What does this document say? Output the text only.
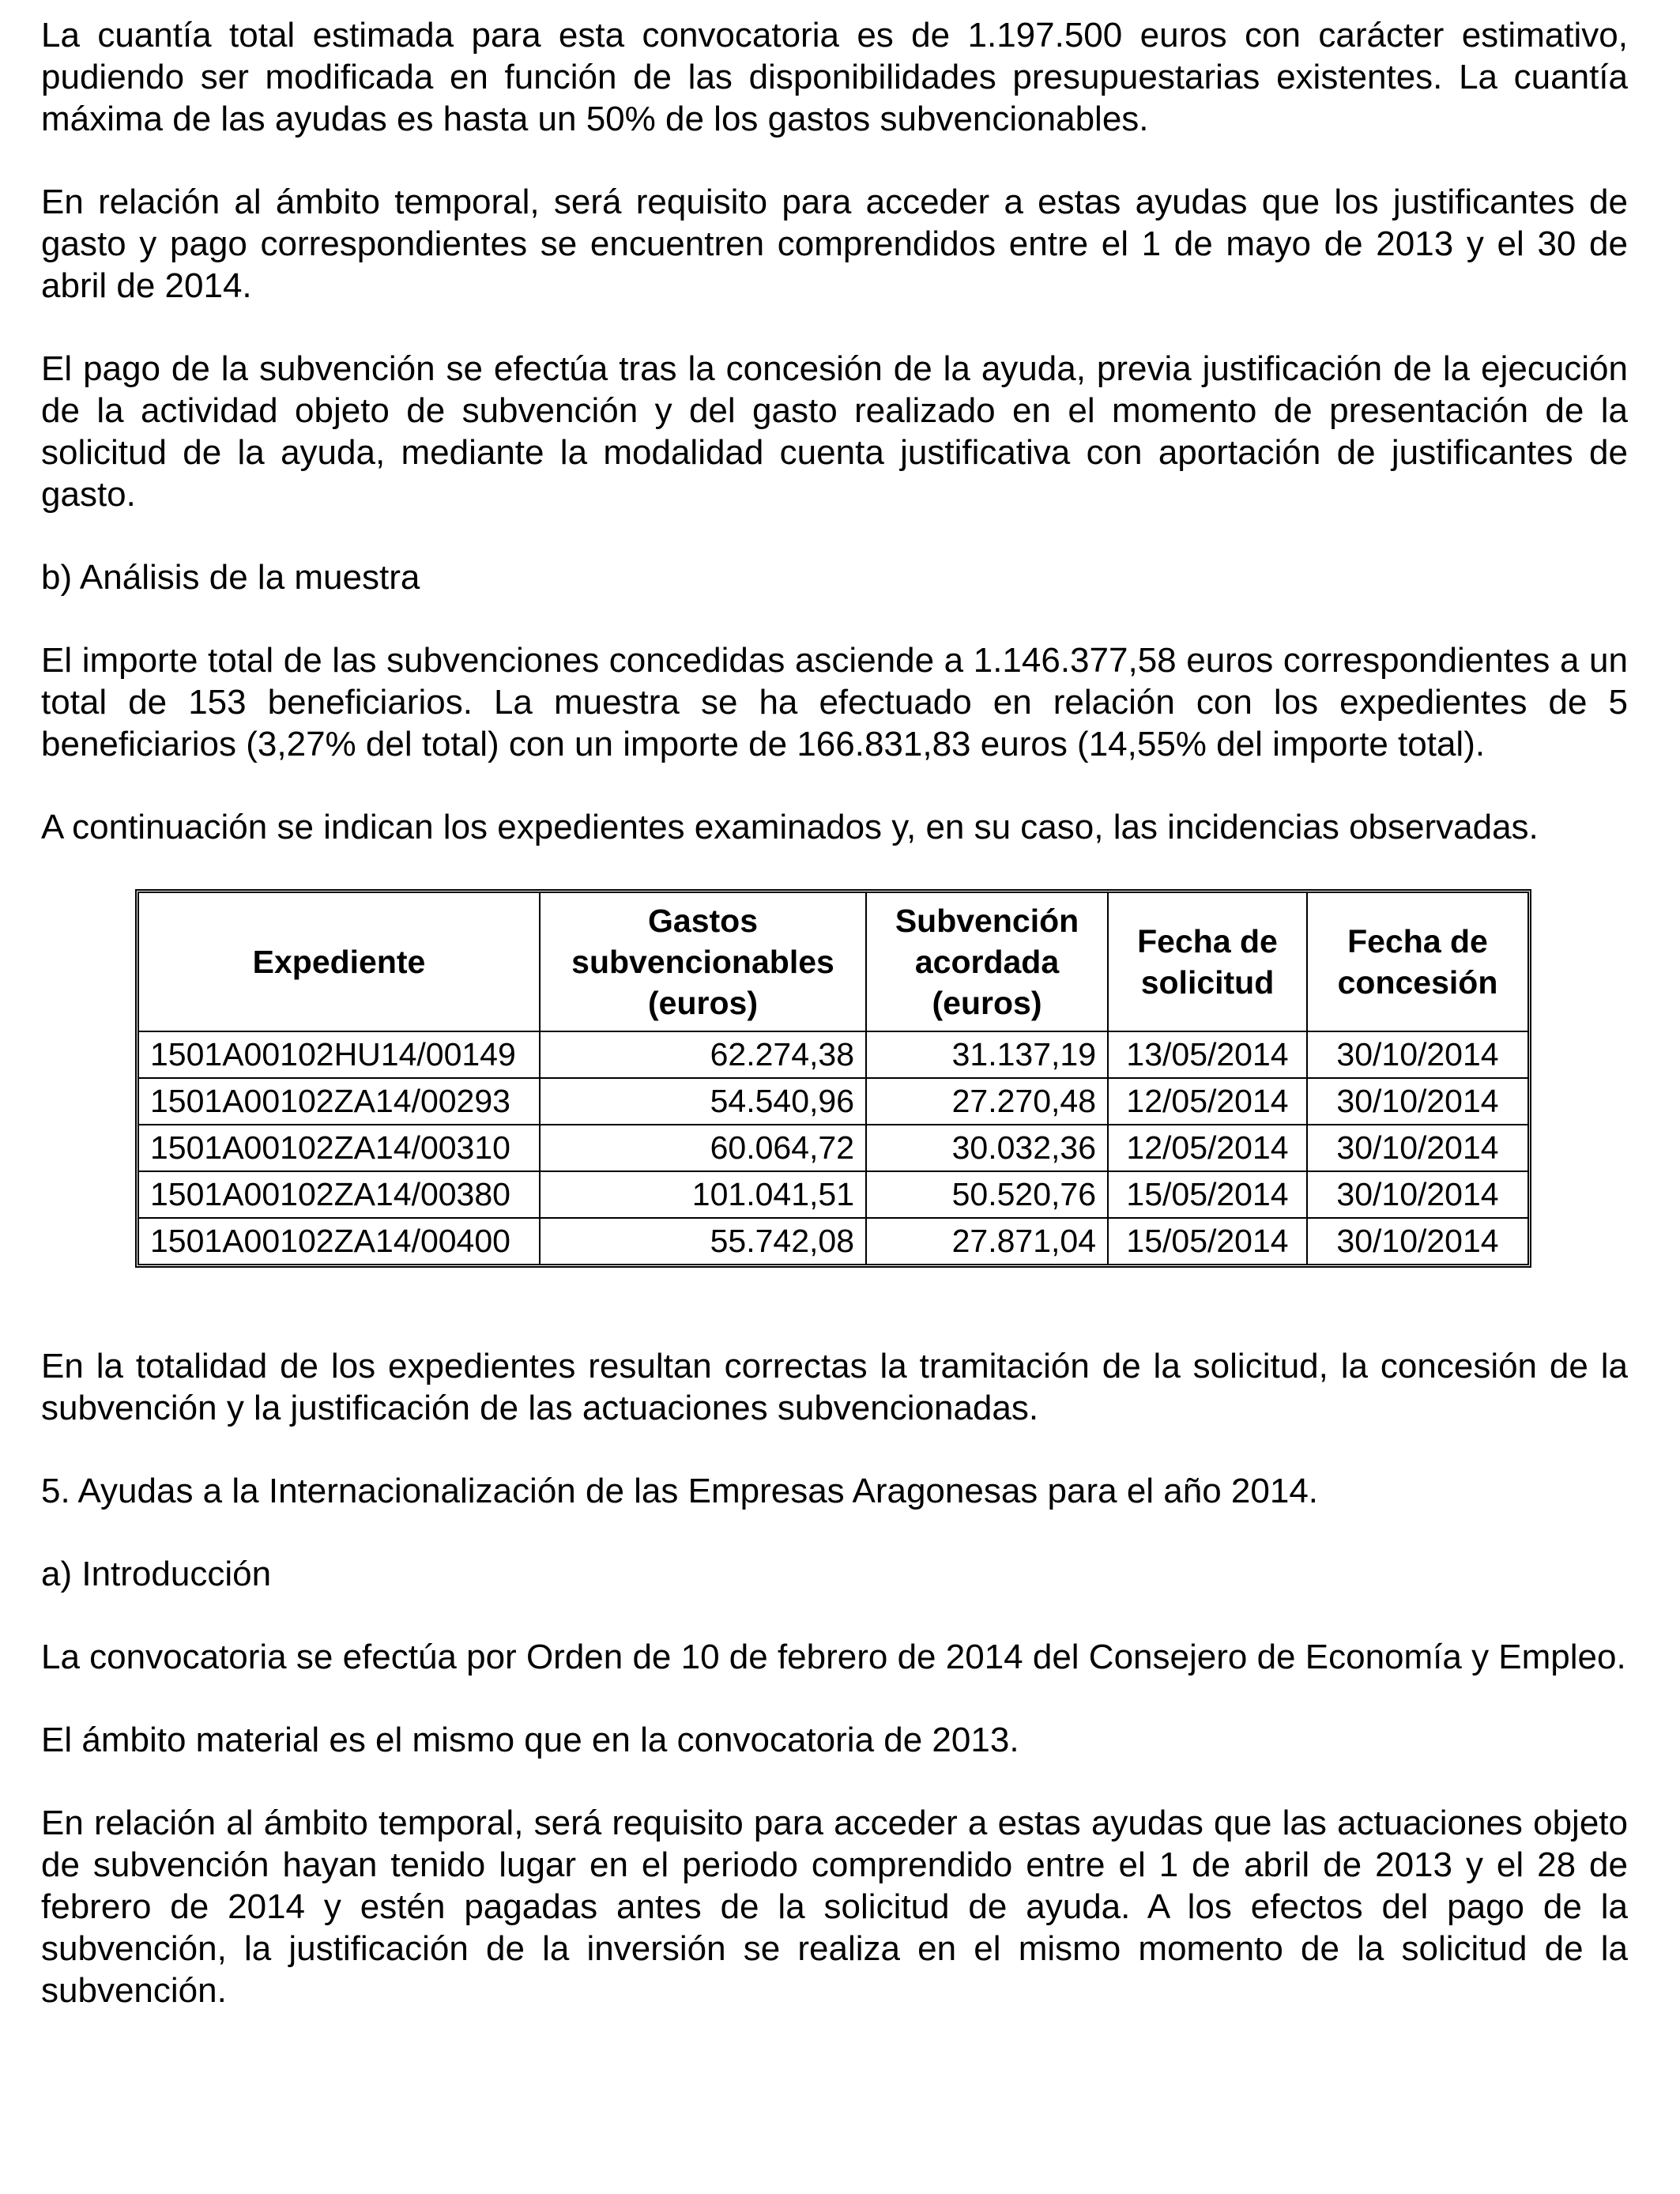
La cuantía total estimada para esta convocatoria es de 1.197.500 euros con carácter estimativo, pudiendo ser modificada en función de las disponibilidades presupuestarias existentes. La cuantía máxima de las ayudas es hasta un 50% de los gastos subvencionables.

En relación al ámbito temporal, será requisito para acceder a estas ayudas que los justificantes de gasto y pago correspondientes se encuentren comprendidos entre el 1 de mayo de 2013 y el 30 de abril de 2014.

El pago de la subvención se efectúa tras la concesión de la ayuda, previa justificación de la ejecución de la actividad objeto de subvención y del gasto realizado en el momento de presentación de la solicitud de la ayuda, mediante la modalidad cuenta justificativa con aportación de justificantes de gasto.

b) Análisis de la muestra

El importe total de las subvenciones concedidas asciende a 1.146.377,58 euros correspondientes a un total de 153 beneficiarios. La muestra se ha efectuado en relación con los expedientes de 5 beneficiarios (3,27% del total) con un importe de 166.831,83 euros (14,55% del importe total).

A continuación se indican los expedientes examinados y, en su caso, las incidencias observadas.

Expediente	Gastos subvencionables (euros)	Subvención acordada (euros)	Fecha de solicitud	Fecha de concesión
1501A00102HU14/00149	62.274,38	31.137,19	13/05/2014	30/10/2014
1501A00102ZA14/00293	54.540,96	27.270,48	12/05/2014	30/10/2014
1501A00102ZA14/00310	60.064,72	30.032,36	12/05/2014	30/10/2014
1501A00102ZA14/00380	101.041,51	50.520,76	15/05/2014	30/10/2014
1501A00102ZA14/00400	55.742,08	27.871,04	15/05/2014	30/10/2014

En la totalidad de los expedientes resultan correctas la tramitación de la solicitud, la concesión de la subvención y la justificación de las actuaciones subvencionadas.

5. Ayudas a la Internacionalización de las Empresas Aragonesas para el año 2014.

a) Introducción

La convocatoria se efectúa por Orden de 10 de febrero de 2014 del Consejero de Economía y Empleo.

El ámbito material es el mismo que en la convocatoria de 2013.

En relación al ámbito temporal, será requisito para acceder a estas ayudas que las actuaciones objeto de subvención hayan tenido lugar en el periodo comprendido entre el 1 de abril de 2013 y el 28 de febrero de 2014 y estén pagadas antes de la solicitud de ayuda. A los efectos del pago de la subvención, la justificación de la inversión se realiza en el mismo momento de la solicitud de la subvención.
